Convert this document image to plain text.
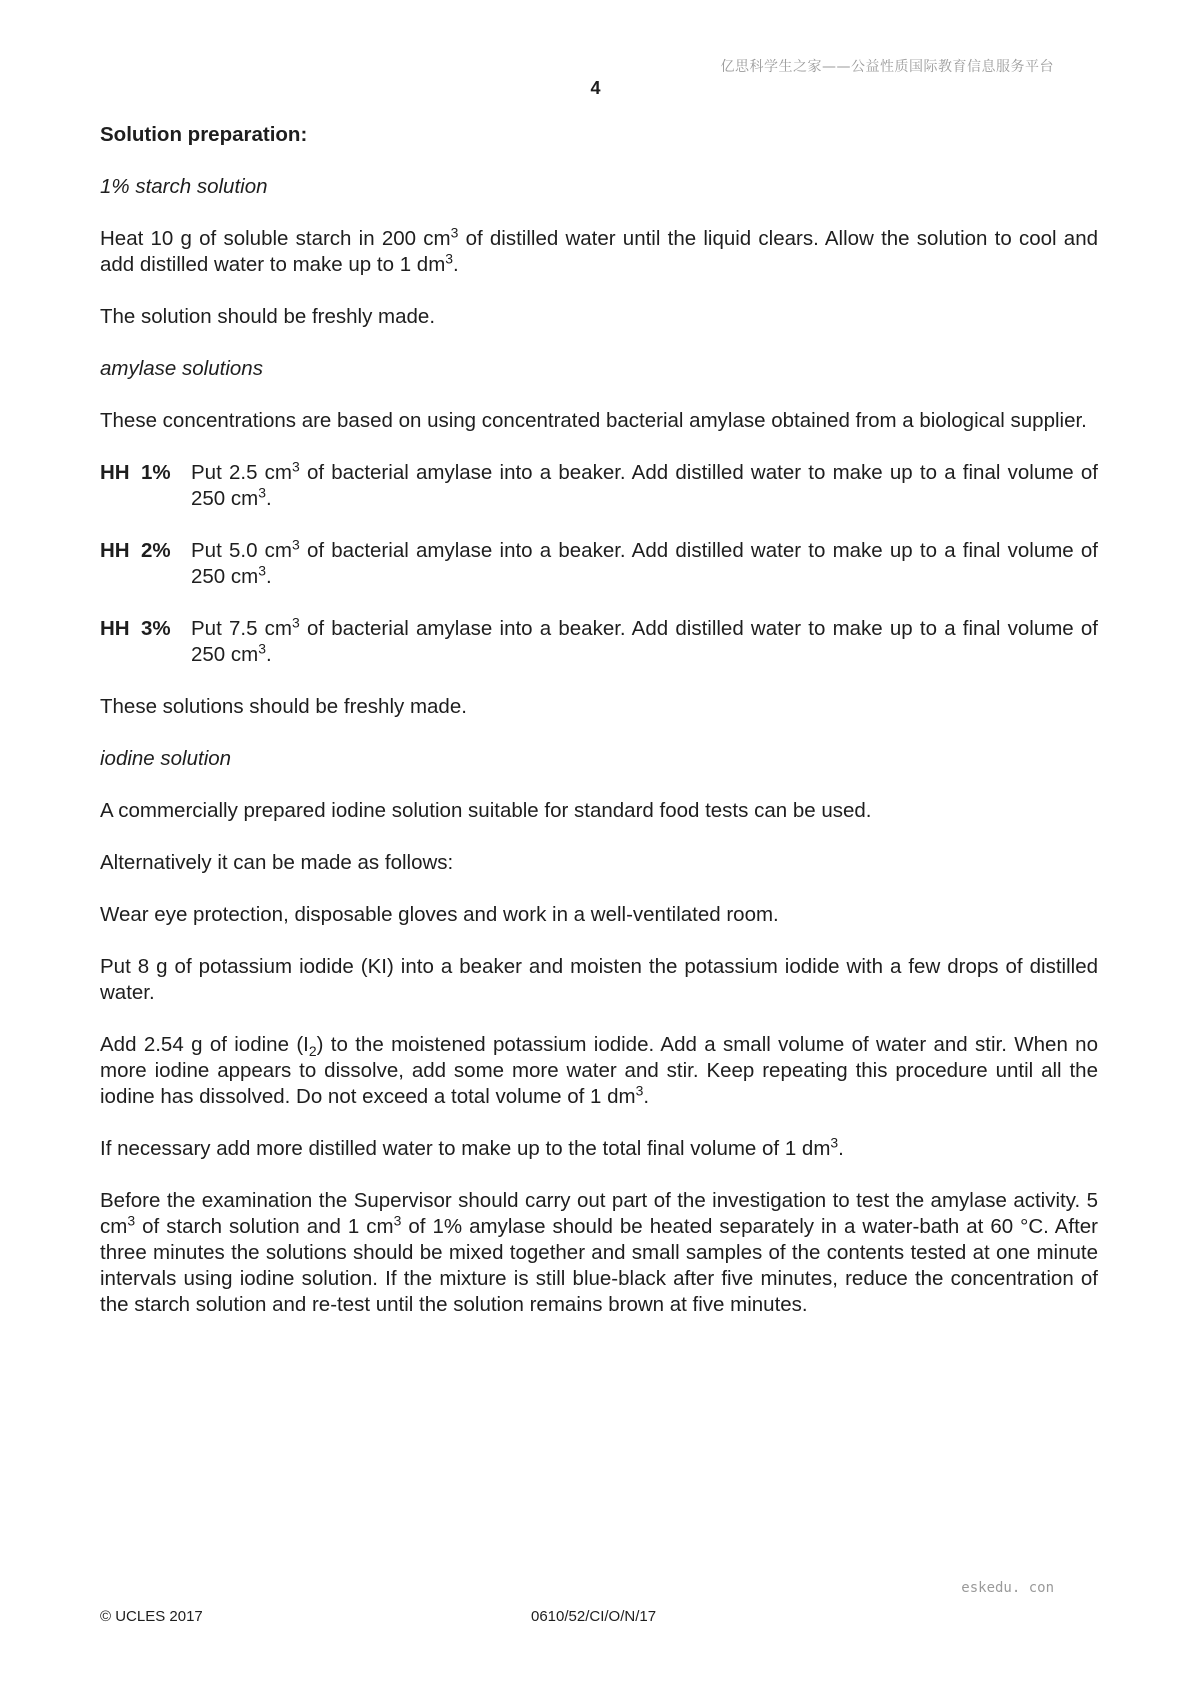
亿思科学生之家——公益性质国际教育信息服务平台
4

Solution preparation:

1% starch solution

Heat 10 g of soluble starch in 200 $cm^3$ of distilled water until the liquid clears. Allow the solution to cool and add distilled water to make up to 1 $dm^3$.

The solution should be freshly made.

amylase solutions

These concentrations are based on using concentrated bacterial amylase obtained from a biological supplier.

HH  1% Put 2.5 $cm^3$ of bacterial amylase into a beaker. Add distilled water to make up to a final volume of 250 $cm^3$.
HH  2% Put 5.0 $cm^3$ of bacterial amylase into a beaker. Add distilled water to make up to a final volume of 250 $cm^3$.
HH  3% Put 7.5 $cm^3$ of bacterial amylase into a beaker. Add distilled water to make up to a final volume of 250 $cm^3$.

These solutions should be freshly made.

iodine solution

A commercially prepared iodine solution suitable for standard food tests can be used.

Alternatively it can be made as follows:

Wear eye protection, disposable gloves and work in a well-ventilated room.

Put 8 g of potassium iodide (KI) into a beaker and moisten the potassium iodide with a few drops of distilled water.

Add 2.54 g of iodine $(I_2)$ to the moistened potassium iodide. Add a small volume of water and stir. When no more iodine appears to dissolve, add some more water and stir. Keep repeating this procedure until all the iodine has dissolved. Do not exceed a total volume of 1 $dm^3$.

If necessary add more distilled water to make up to the total final volume of 1 $dm^3$.

Before the examination the Supervisor should carry out part of the investigation to test the amylase activity. 5 $cm^3$ of starch solution and 1 $cm^3$ of 1% amylase should be heated separately in a water-bath at 60 °C. After three minutes the solutions should be mixed together and small samples of the contents tested at one minute intervals using iodine solution. If the mixture is still blue-black after five minutes, reduce the concentration of the starch solution and re-test until the solution remains brown at five minutes.

eskedu. con
© UCLES 2017	0610/52/CI/O/N/17
